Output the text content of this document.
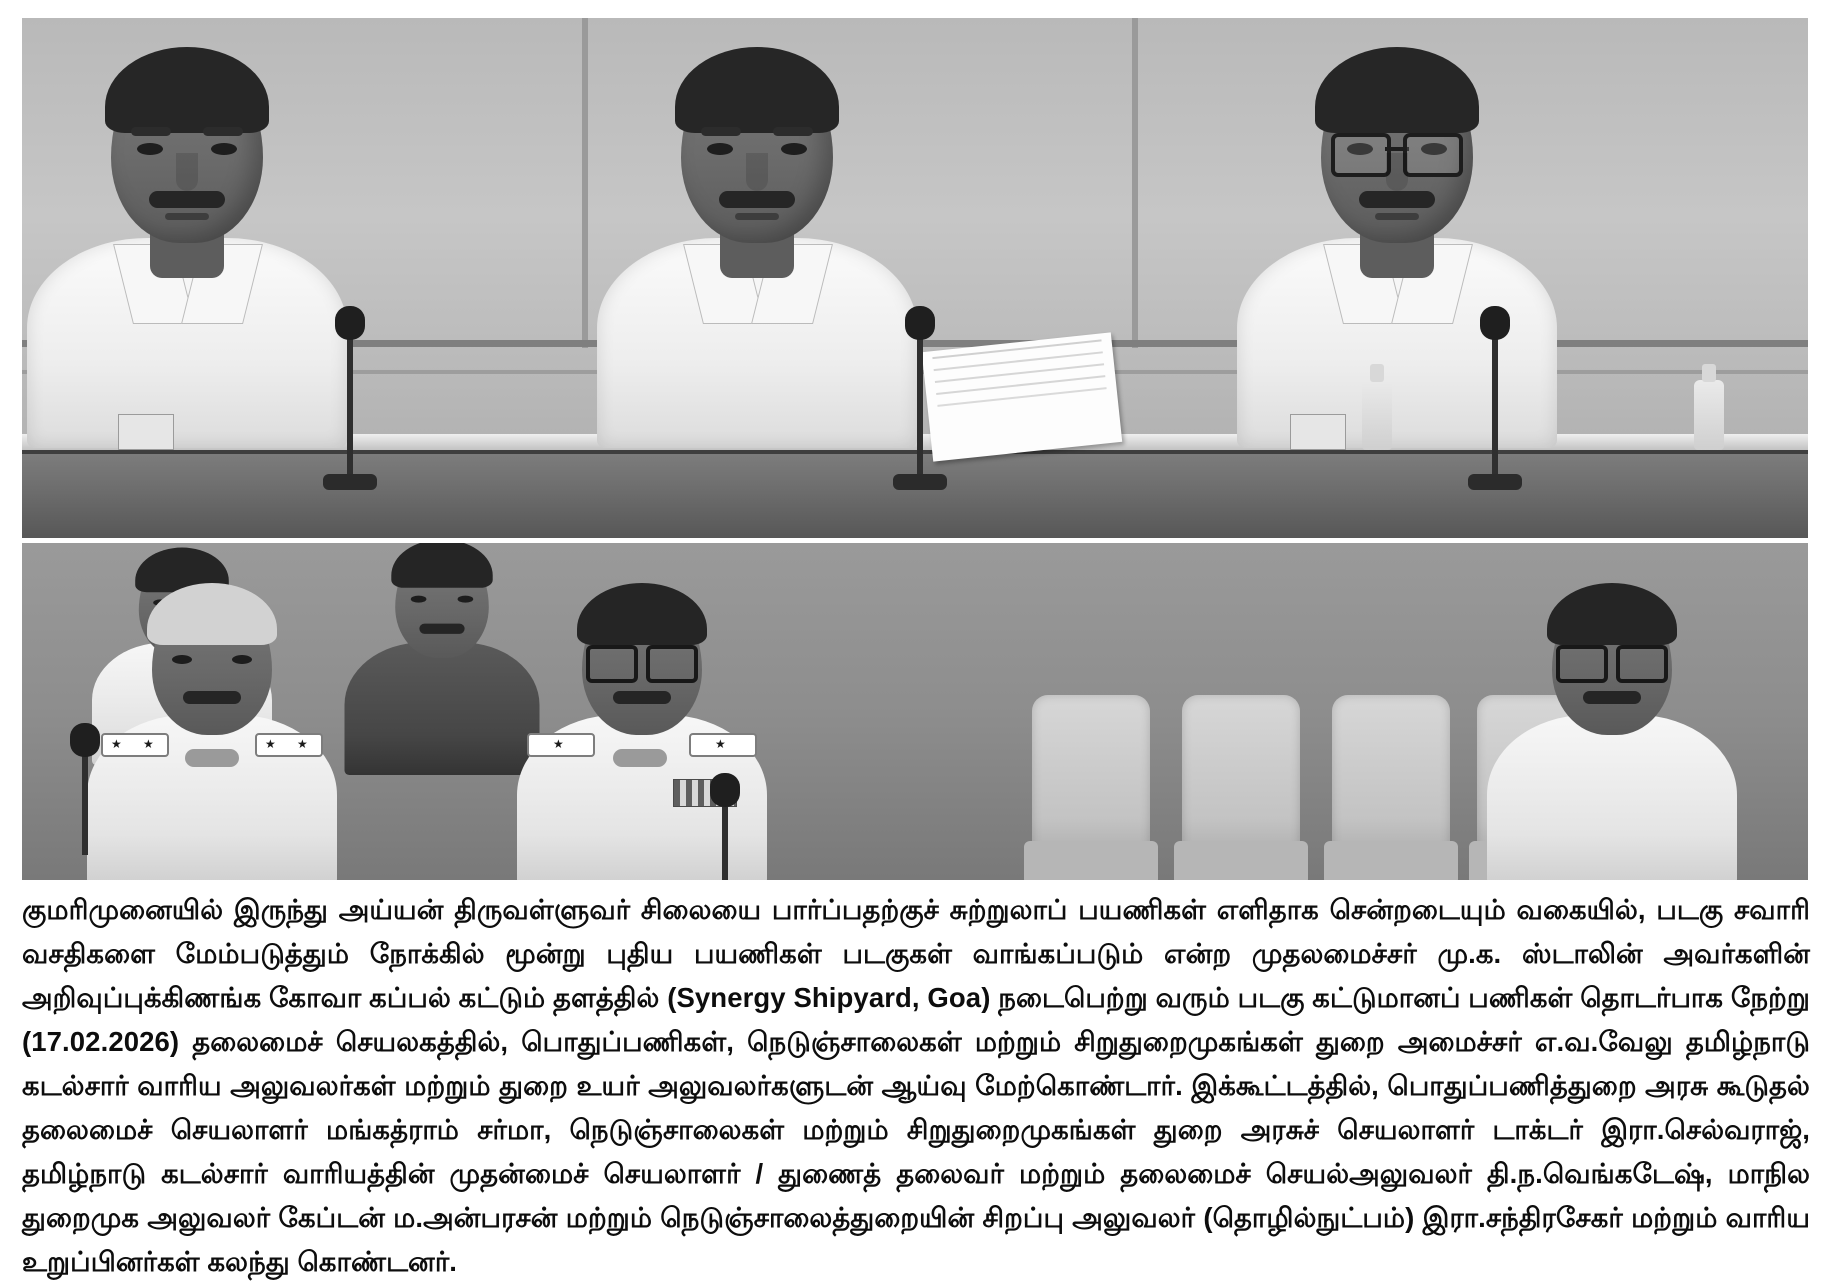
★ ★	★ ★	★	★

குமரிமுனையில் இருந்து அய்யன் திருவள்ளுவர் சிலையை பார்ப்பதற்குச் சுற்றுலாப் பயணிகள் எளிதாக சென்றடையும் வகையில், படகு சவாரி வசதிகளை மேம்படுத்தும் நோக்கில் மூன்று புதிய பயணிகள் படகுகள் வாங்கப்படும் என்ற முதலமைச்சர் மு.க. ஸ்டாலின் அவர்களின் அறிவுப்புக்கிணங்க கோவா கப்பல் கட்டும் தளத்தில் (Synergy Shipyard, Goa) நடைபெற்று வரும் படகு கட்டுமானப் பணிகள் தொடர்பாக நேற்று (17.02.2026) தலைமைச் செயலகத்தில், பொதுப்பணிகள், நெடுஞ்சாலைகள் மற்றும் சிறுதுறைமுகங்கள் துறை அமைச்சர் எ.வ.வேலு தமிழ்நாடு கடல்சார் வாரிய அலுவலர்கள் மற்றும் துறை உயர் அலுவலர்களுடன் ஆய்வு மேற்கொண்டார். இக்கூட்டத்தில், பொதுப்பணித்துறை அரசு கூடுதல் தலைமைச் செயலாளர் மங்கத்ராம் சர்மா, நெடுஞ்சாலைகள் மற்றும் சிறுதுறைமுகங்கள் துறை அரசுச் செயலாளர் டாக்டர் இரா.செல்வராஜ், தமிழ்நாடு கடல்சார் வாரியத்தின் முதன்மைச் செயலாளர் / துணைத் தலைவர் மற்றும் தலைமைச் செயல்அலுவலர் தி.ந.வெங்கடேஷ், மாநில துறைமுக அலுவலர் கேப்டன் ம.அன்பரசன் மற்றும் நெடுஞ்சாலைத்துறையின் சிறப்பு அலுவலர் (தொழில்நுட்பம்) இரா.சந்திரசேகர் மற்றும் வாரிய உறுப்பினர்கள் கலந்து கொண்டனர்.
